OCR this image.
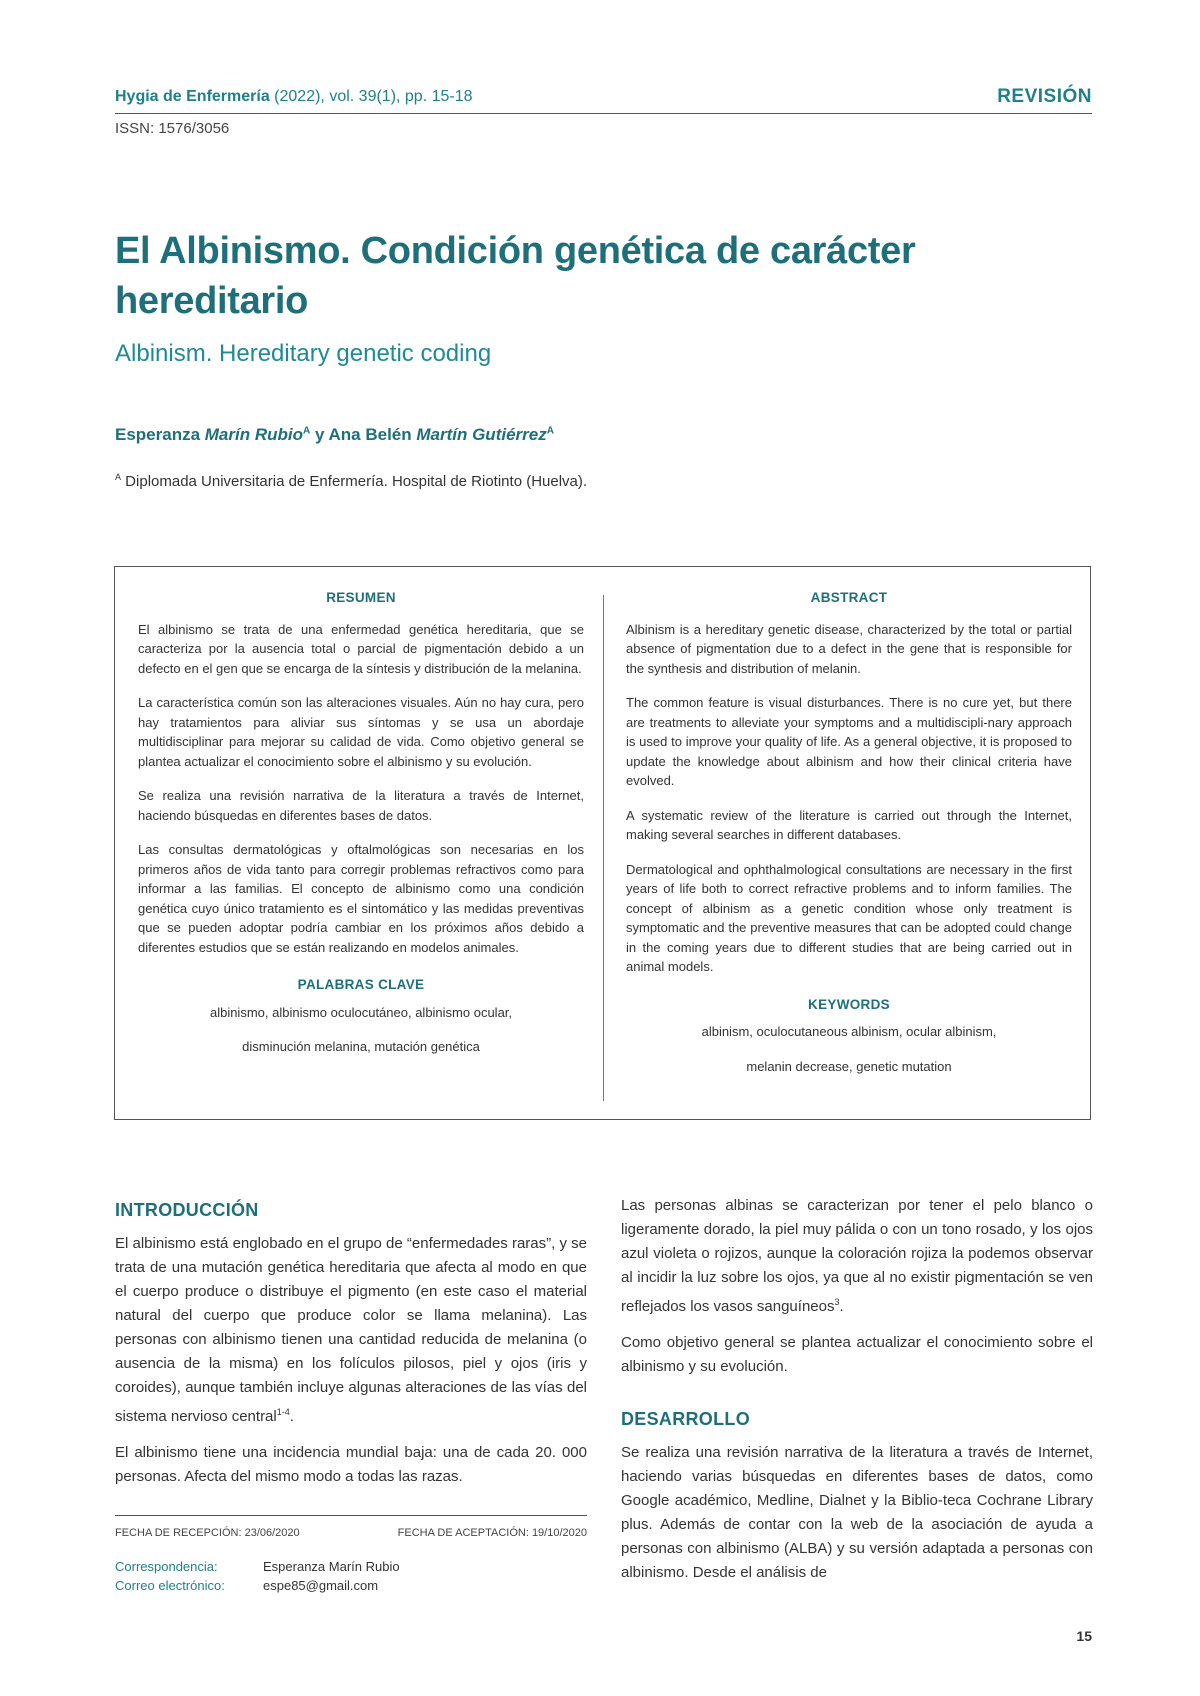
Hygia de Enfermería (2022), vol. 39(1), pp. 15-18	REVISIÓN
ISSN: 1576/3056
El Albinismo. Condición genética de carácter hereditario
Albinism. Hereditary genetic coding
Esperanza Marín Rubio$^A$ y Ana Belén Martín Gutiérrez$^A$
$^A$ Diplomada Universitaria de Enfermería. Hospital de Riotinto (Huelva).
RESUMEN

El albinismo se trata de una enfermedad genética hereditaria, que se caracteriza por la ausencia total o parcial de pigmentación debido a un defecto en el gen que se encarga de la síntesis y distribución de la melanina.

La característica común son las alteraciones visuales. Aún no hay cura, pero hay tratamientos para aliviar sus síntomas y se usa un abordaje multidisciplinar para mejorar su calidad de vida. Como objetivo general se plantea actualizar el conocimiento sobre el albinismo y su evolución.

Se realiza una revisión narrativa de la literatura a través de Internet, haciendo búsquedas en diferentes bases de datos.

Las consultas dermatológicas y oftalmológicas son necesarias en los primeros años de vida tanto para corregir problemas refractivos como para informar a las familias. El concepto de albinismo como una condición genética cuyo único tratamiento es el sintomático y las medidas preventivas que se pueden adoptar podría cambiar en los próximos años debido a diferentes estudios que se están realizando en modelos animales.

PALABRAS CLAVE

albinismo, albinismo oculocutáneo, albinismo ocular,

disminución melanina, mutación genética

ABSTRACT

Albinism is a hereditary genetic disease, characterized by the total or partial absence of pigmentation due to a defect in the gene that is responsible for the synthesis and distribution of melanin.

The common feature is visual disturbances. There is no cure yet, but there are treatments to alleviate your symptoms and a multidiscipli-nary approach is used to improve your quality of life. As a general objective, it is proposed to update the knowledge about albinism and how their clinical criteria have evolved.

A systematic review of the literature is carried out through the Internet, making several searches in different databases.

Dermatological and ophthalmological consultations are necessary in the first years of life both to correct refractive problems and to inform families. The concept of albinism as a genetic condition whose only treatment is symptomatic and the preventive measures that can be adopted could change in the coming years due to different studies that are being carried out in animal models.

KEYWORDS

albinism, oculocutaneous albinism, ocular albinism,

melanin decrease, genetic mutation

INTRODUCCIÓN

El albinismo está englobado en el grupo de “enfermedades raras”, y se trata de una mutación genética hereditaria que afecta al modo en que el cuerpo produce o distribuye el pigmento (en este caso el material natural del cuerpo que produce color se llama melanina). Las personas con albinismo tienen una cantidad reducida de melanina (o ausencia de la misma) en los folículos pilosos, piel y ojos (iris y coroides), aunque también incluye algunas alteraciones de las vías del sistema nervioso central$^{1-4}$.

El albinismo tiene una incidencia mundial baja: una de cada 20. 000 personas. Afecta del mismo modo a todas las razas.

Las personas albinas se caracterizan por tener el pelo blanco o ligeramente dorado, la piel muy pálida o con un tono rosado, y los ojos azul violeta o rojizos, aunque la coloración rojiza la podemos observar al incidir la luz sobre los ojos, ya que al no existir pigmentación se ven reflejados los vasos sanguíneos$^3$.

Como objetivo general se plantea actualizar el conocimiento sobre el albinismo y su evolución.

DESARROLLO

Se realiza una revisión narrativa de la literatura a través de Internet, haciendo varias búsquedas en diferentes bases de datos, como Google académico, Medline, Dialnet y la Biblio-teca Cochrane Library plus. Además de contar con la web de la asociación de ayuda a personas con albinismo (ALBA) y su versión adaptada a personas con albinismo. Desde el análisis de

FECHA DE RECEPCIÓN: 23/06/2020	FECHA DE ACEPTACIÓN: 19/10/2020
Correspondencia:	Esperanza Marín Rubio
Correo electrónico:	espe85@gmail.com
15
